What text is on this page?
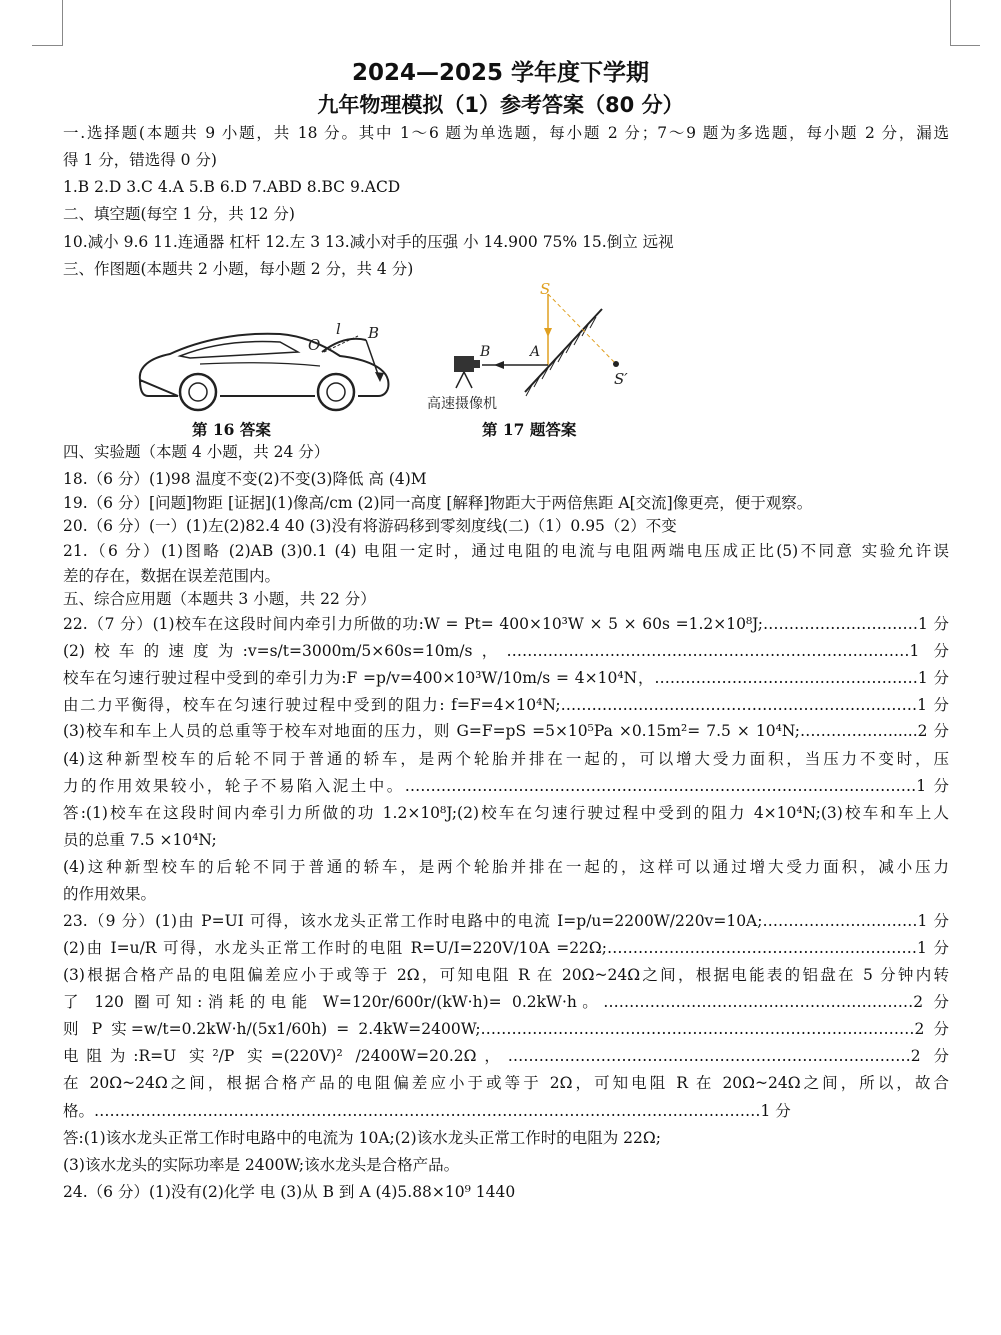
2024—2025 学年度下学期
九年物理模拟（1）参考答案（80 分）
一.选择题(本题共 9 小题，共 18 分。其中 1～6 题为单选题，每小题 2 分；7～9 题为多选题，每小题 2 分，漏选
得 1 分，错选得 0 分)
1.B 2.D 3.C 4.A 5.B 6.D 7.ABD 8.BC 9.ACD
二、填空题(每空 1 分，共 12 分)
10.减小 9.6 11.连通器 杠杆 12.左 3 13.减小对手的压强 小 14.900 75% 15.倒立 远视
三、作图题(本题共 2 小题，每小题 2 分，共 4 分)
O
l B
S
A
B
S′
高速摄像机
第 16 答案	第 17 题答案
四、实验题（本题 4 小题，共 24 分）
18.（6 分）(1)98 温度不变(2)不变(3)降低 高 (4)M
19.（6 分）[问题]物距 [证据](1)像高/cm (2)同一高度 [解释]物距大于两倍焦距 A[交流]像更亮，便于观察。
20.（6 分）(一）(1)左(2)82.4 40 (3)没有将游码移到零刻度线(二)（1）0.95（2）不变
21.（6 分）(1)图略 (2)AB (3)0.1 (4) 电阻一定时，通过电阻的电流与电阻两端电压成正比(5)不同意 实验允许误
差的存在，数据在误差范围内。
五、综合应用题（本题共 3 小题，共 22 分）
22.（7 分）(1)校车在这段时间内牵引力所做的功:W = Pt= 400×10³W × 5 × 60s =1.2×10⁸J;…………………………1 分
(2)校车的速度为:v=s/t=3000m/5×60s=10m/s，……………………………………………………………………1 分
校车在匀速行驶过程中受到的牵引力为:F =p/v=400×10³W/10m/s = 4×10⁴N，……………………………………………1 分
由二力平衡得，校车在匀速行驶过程中受到的阻力: f=F=4×10⁴N;……………………………………………………………1 分
(3)校车和车上人员的总重等于校车对地面的压力，则 G=F=pS =5×10⁵Pa ×0.15m²= 7.5 × 10⁴N;……………….....2 分
(4)这种新型校车的后轮不同于普通的轿车，是两个轮胎并排在一起的，可以增大受力面积，当压力不变时，压
力的作用效果较小，轮子不易陷入泥土中。………………………………………………………………………………………1 分
答:(1)校车在这段时间内牵引力所做的功 1.2×10⁸J;(2)校车在匀速行驶过程中受到的阻力 4×10⁴N;(3)校车和车上人
员的总重 7.5 ×10⁴N;
(4)这种新型校车的后轮不同于普通的轿车，是两个轮胎并排在一起的，这样可以通过增大受力面积，减小压力
的作用效果。
23.（9 分）(1)由 P=UI 可得，该水龙头正常工作时电路中的电流 I=p/u=2200W/220v=10A;…………………………1 分
(2)由 I=u/R 可得，水龙头正常工作时的电阻 R=U/I=220V/10A =22Ω;……………………………………………………1 分
(3)根据合格产品的电阻偏差应小于或等于 2Ω，可知电阻 R 在 20Ω~24Ω之间，根据电能表的铝盘在 5 分钟内转
了 120 圈可知:消耗的电能 W=120r/600r/(kW·h)= 0.2kW·h。……………………………………………………2 分
则 P 实=w/t=0.2kW·h/(5x1/60h) = 2.4kW=2400W;…………………………………………………………………………2 分
电阻为:R=U 实²/P 实=(220V)² /2400W=20.2Ω，……………………………………………………………………2 分
在 20Ω~24Ω之间，根据合格产品的电阻偏差应小于或等于 2Ω，可知电阻 R 在 20Ω~24Ω之间，所以，故合
格。…………………………………………………………………………………………………………………1 分
答:(1)该水龙头正常工作时电路中的电流为 10A;(2)该水龙头正常工作时的电阻为 22Ω;
(3)该水龙头的实际功率是 2400W;该水龙头是合格产品。
24.（6 分）(1)没有(2)化学 电 (3)从 B 到 A (4)5.88×10⁹ 1440
